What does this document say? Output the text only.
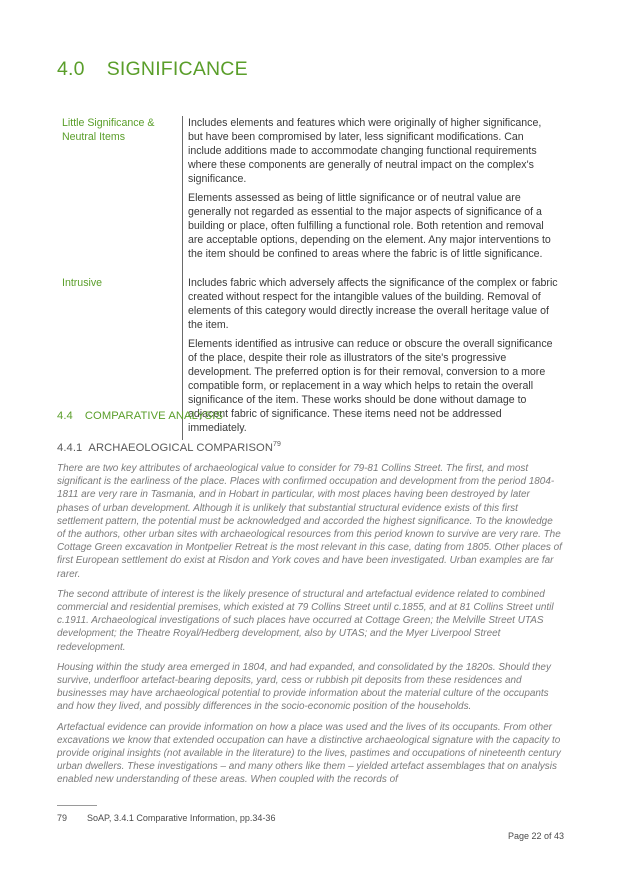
4.0 SIGNIFICANCE
Little Significance &
Neutral Items

Includes elements and features which were originally of higher significance, but have been compromised by later, less significant modifications. Can include additions made to accommodate changing functional requirements where these components are generally of neutral impact on the complex's significance.

Elements assessed as being of little significance or of neutral value are generally not regarded as essential to the major aspects of significance of a building or place, often fulfilling a functional role. Both retention and removal are acceptable options, depending on the element. Any major interventions to the item should be confined to areas where the fabric is of little significance.

Intrusive	Includes fabric which adversely affects the significance of the complex or fabric created without respect for the intangible values of the building. Removal of elements of this category would directly increase the overall heritage value of the item.

Elements identified as intrusive can reduce or obscure the overall significance of the place, despite their role as illustrators of the site's progressive development. The preferred option is for their removal, conversion to a more compatible form, or replacement in a way which helps to retain the overall significance of the item. These works should be done without damage to adjacent fabric of significance. These items need not be addressed immediately.

4.4 COMPARATIVE ANALYSIS
4.4.1 ARCHAEOLOGICAL COMPARISON$^{79}$

There are two key attributes of archaeological value to consider for 79-81 Collins Street. The first, and most significant is the earliness of the place. Places with confirmed occupation and development from the period 1804-1811 are very rare in Tasmania, and in Hobart in particular, with most places having been destroyed by later phases of urban development. Although it is unlikely that substantial structural evidence exists of this first settlement pattern, the potential must be acknowledged and accorded the highest significance. To the knowledge of the authors, other urban sites with archaeological resources from this period known to survive are very rare. The Cottage Green excavation in Montpelier Retreat is the most relevant in this case, dating from 1805. Other places of first European settlement do exist at Risdon and York coves and have been investigated. Urban examples are far rarer.

The second attribute of interest is the likely presence of structural and artefactual evidence related to combined commercial and residential premises, which existed at 79 Collins Street until c.1855, and at 81 Collins Street until c.1911. Archaeological investigations of such places have occurred at Cottage Green; the Melville Street UTAS development; the Theatre Royal/Hedberg development, also by UTAS; and the Myer Liverpool Street redevelopment.

Housing within the study area emerged in 1804, and had expanded, and consolidated by the 1820s. Should they survive, underfloor artefact-bearing deposits, yard, cess or rubbish pit deposits from these residences and businesses may have archaeological potential to provide information about the material culture of the occupants and how they lived, and possibly differences in the socio-economic position of the households.

Artefactual evidence can provide information on how a place was used and the lives of its occupants. From other excavations we know that extended occupation can have a distinctive archaeological signature with the capacity to provide original insights (not available in the literature) to the lives, pastimes and occupations of nineteenth century urban dwellers. These investigations – and many others like them – yielded artefact assemblages that on analysis enabled new understanding of these areas. When coupled with the records of

79 SoAP, 3.4.1 Comparative Information, pp.34-36
Page 22 of 43
